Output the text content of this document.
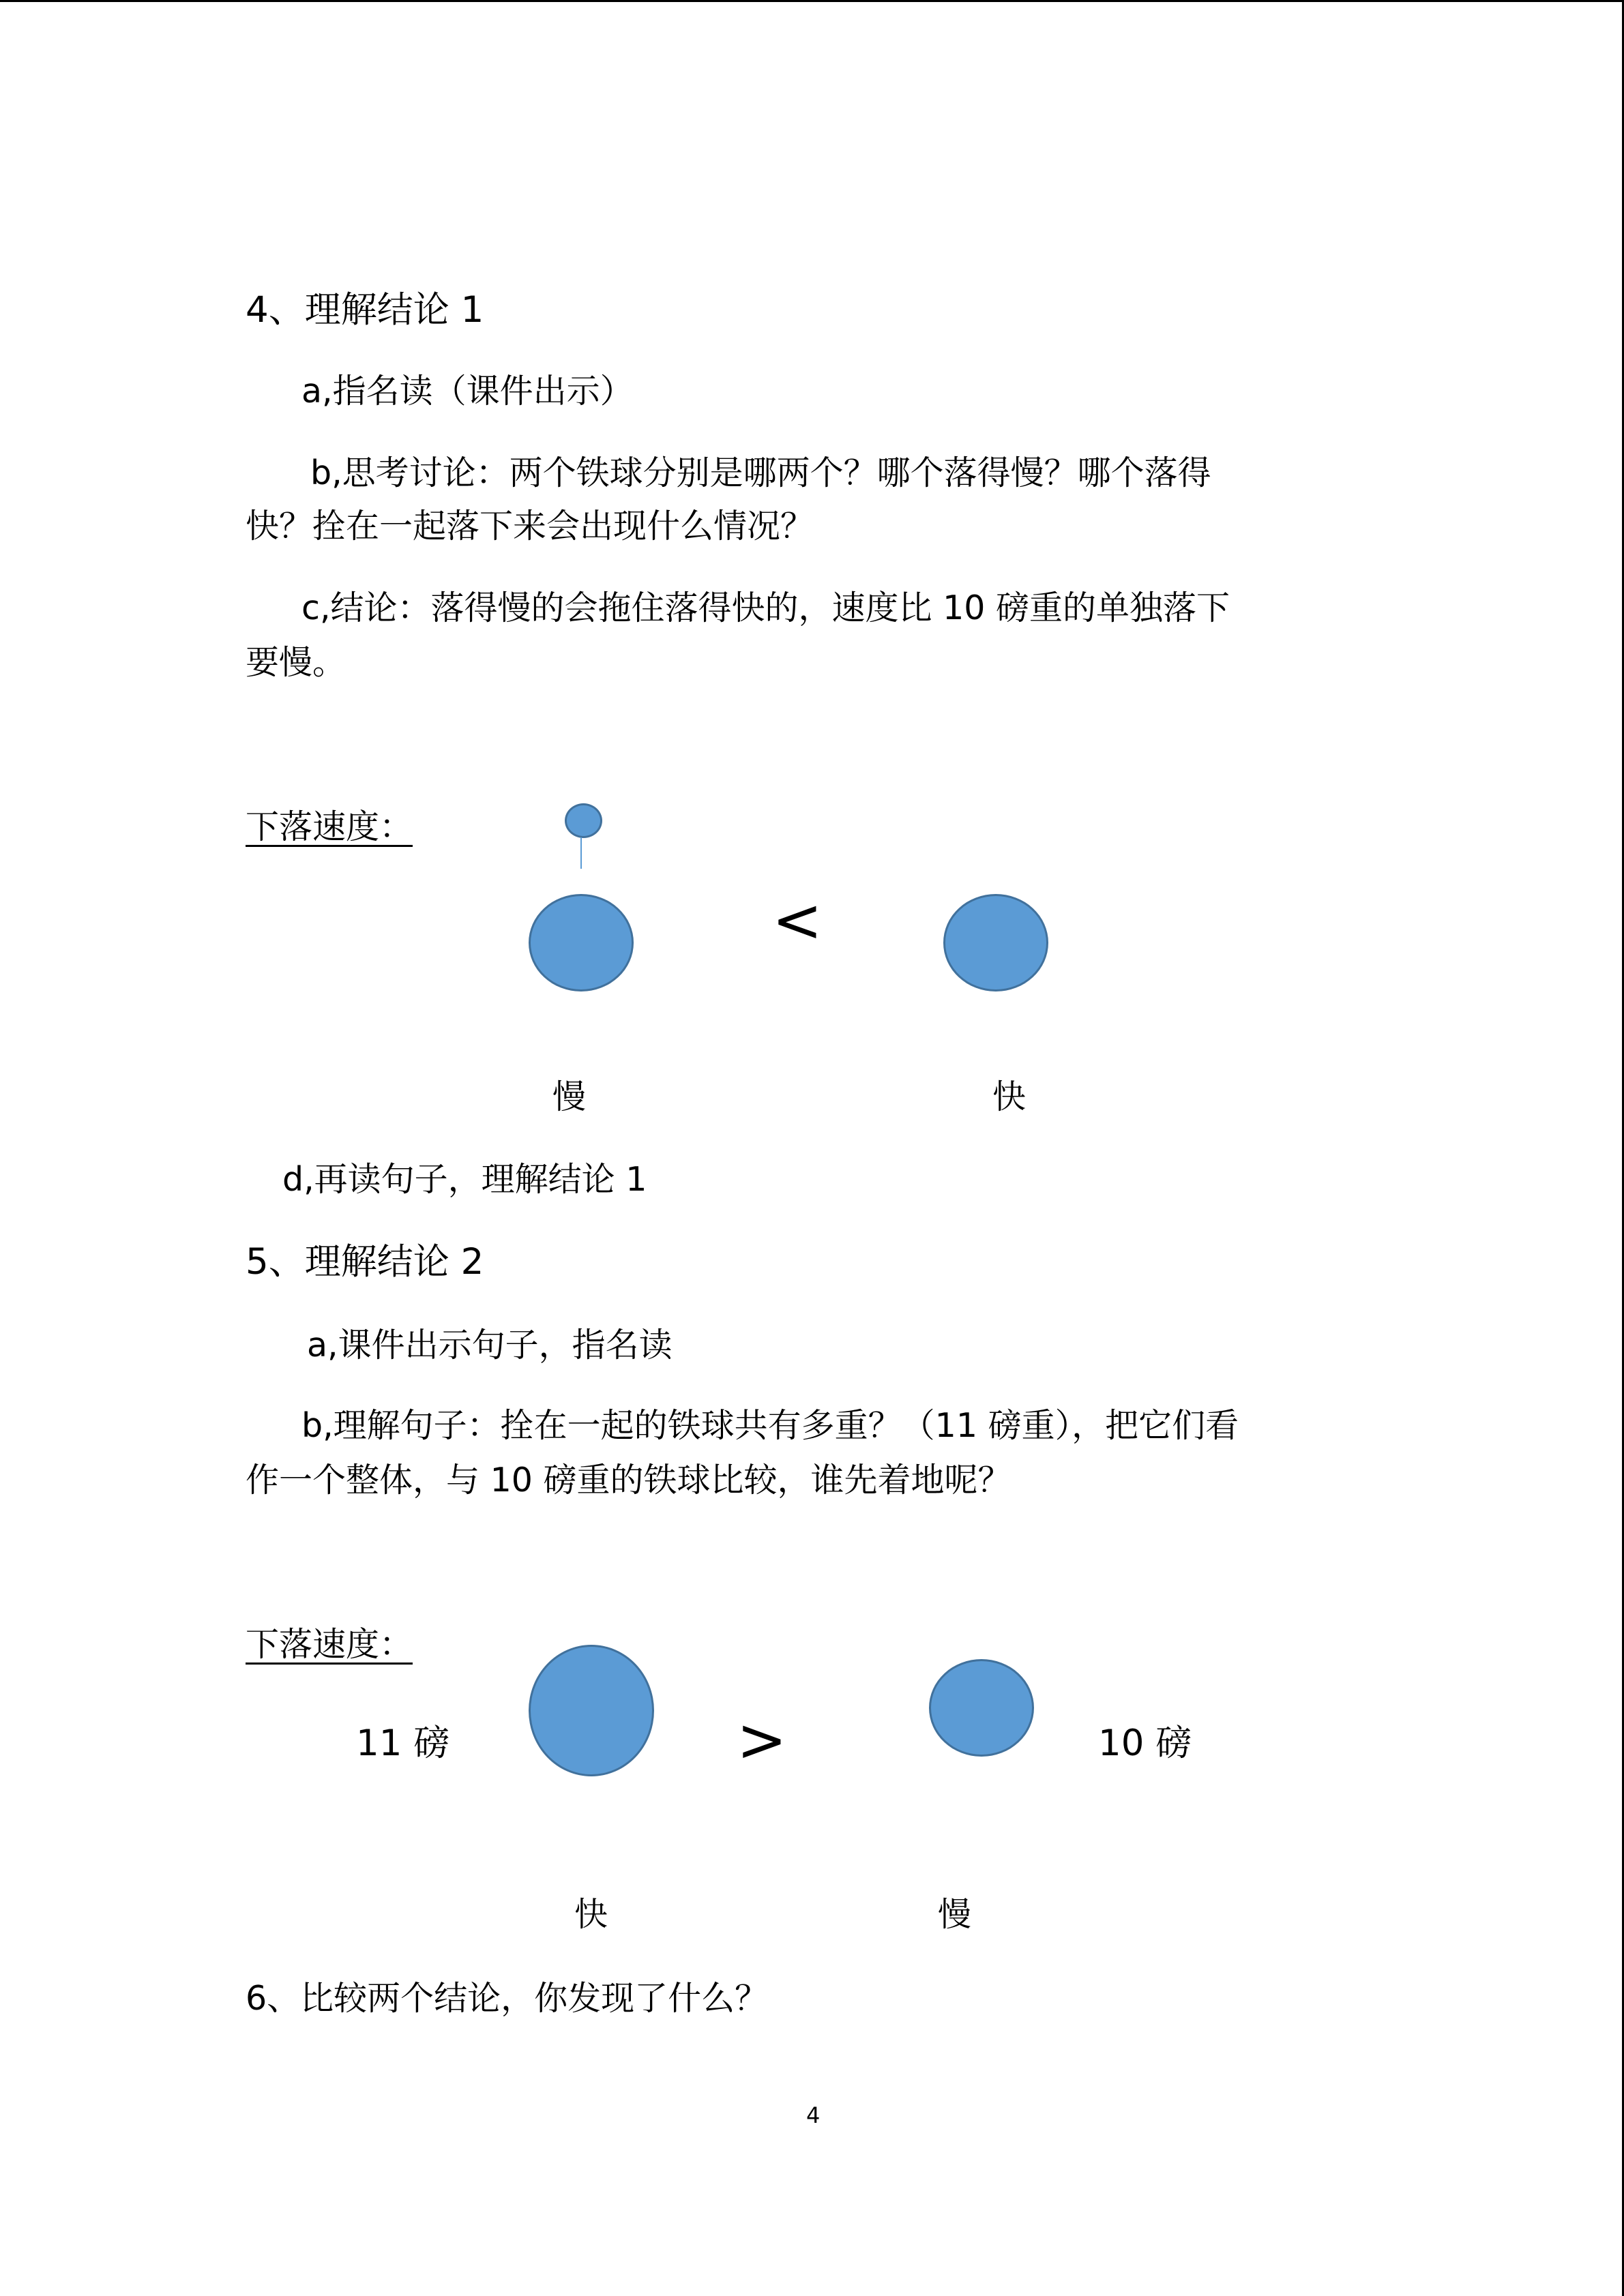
4、理解结论 1
a,指名读（课件出示）
b,思考讨论：两个铁球分别是哪两个？哪个落得慢？哪个落得
快？拴在一起落下来会出现什么情况？
c,结论：落得慢的会拖住落得快的，速度比 10 磅重的单独落下
要慢。
下落速度：
<
慢	快
d,再读句子，理解结论 1
5、理解结论 2
a,课件出示句子，指名读
b,理解句子：拴在一起的铁球共有多重？（11 磅重），把它们看
作一个整体，与 10 磅重的铁球比较，谁先着地呢？
下落速度：
11 磅	>	10 磅
快	慢
6、比较两个结论，你发现了什么？
4
